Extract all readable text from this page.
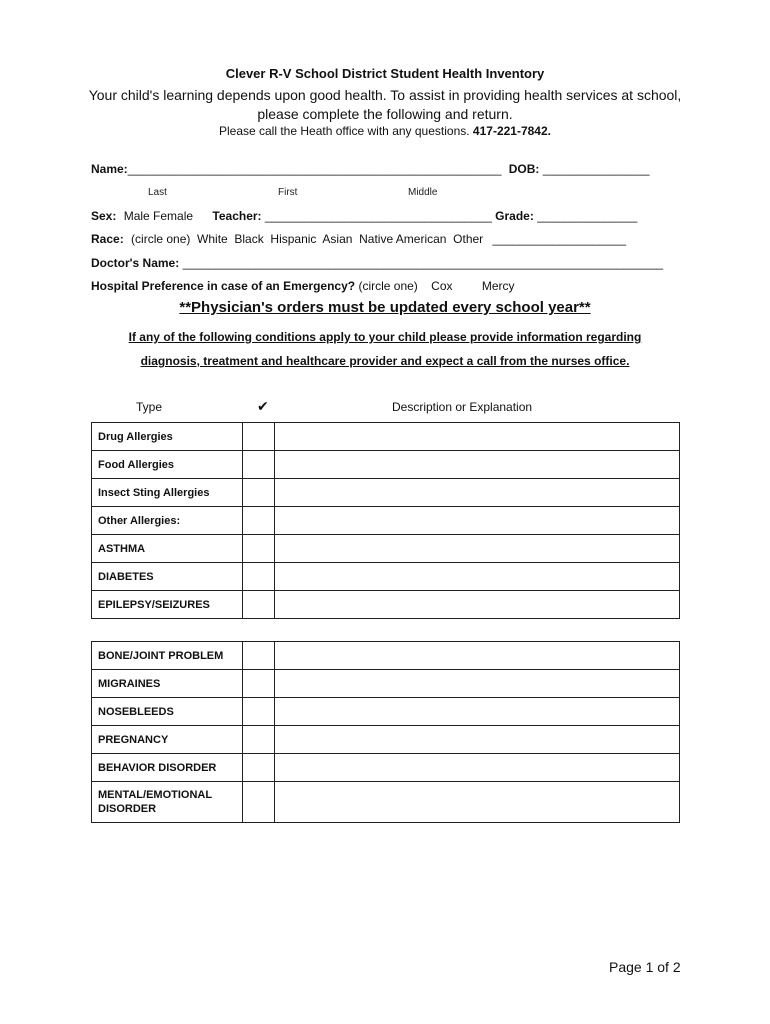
Clever R-V School District Student Health Inventory
Your child's learning depends upon good health. To assist in providing health services at school,
please complete the following and return.
Please call the Heath office with any questions. 417-221-7842.
Name:________________________________________________________ DOB: ________________
Last	First	Middle
Sex: Male Female Teacher: __________________________________ Grade: _______________
Race: (circle one)  White  Black  Hispanic  Asian  Native American  Other ____________________
Doctor's Name: ________________________________________________________________________
Hospital Preference in case of an Emergency? (circle one) Cox Mercy
**Physician's orders must be updated every school year**
If any of the following conditions apply to your child please provide information regarding
diagnosis, treatment and healthcare provider and expect a call from the nurses office.
Type	✔	Description or Explanation
Drug Allergies		
Food Allergies		
Insect Sting Allergies		
Other Allergies:		
ASTHMA		
DIABETES		
EPILEPSY/SEIZURES		
BONE/JOINT PROBLEM		
MIGRAINES		
NOSEBLEEDS		
PREGNANCY		
BEHAVIOR DISORDER		
MENTAL/EMOTIONAL DISORDER		
Page 1 of 2
